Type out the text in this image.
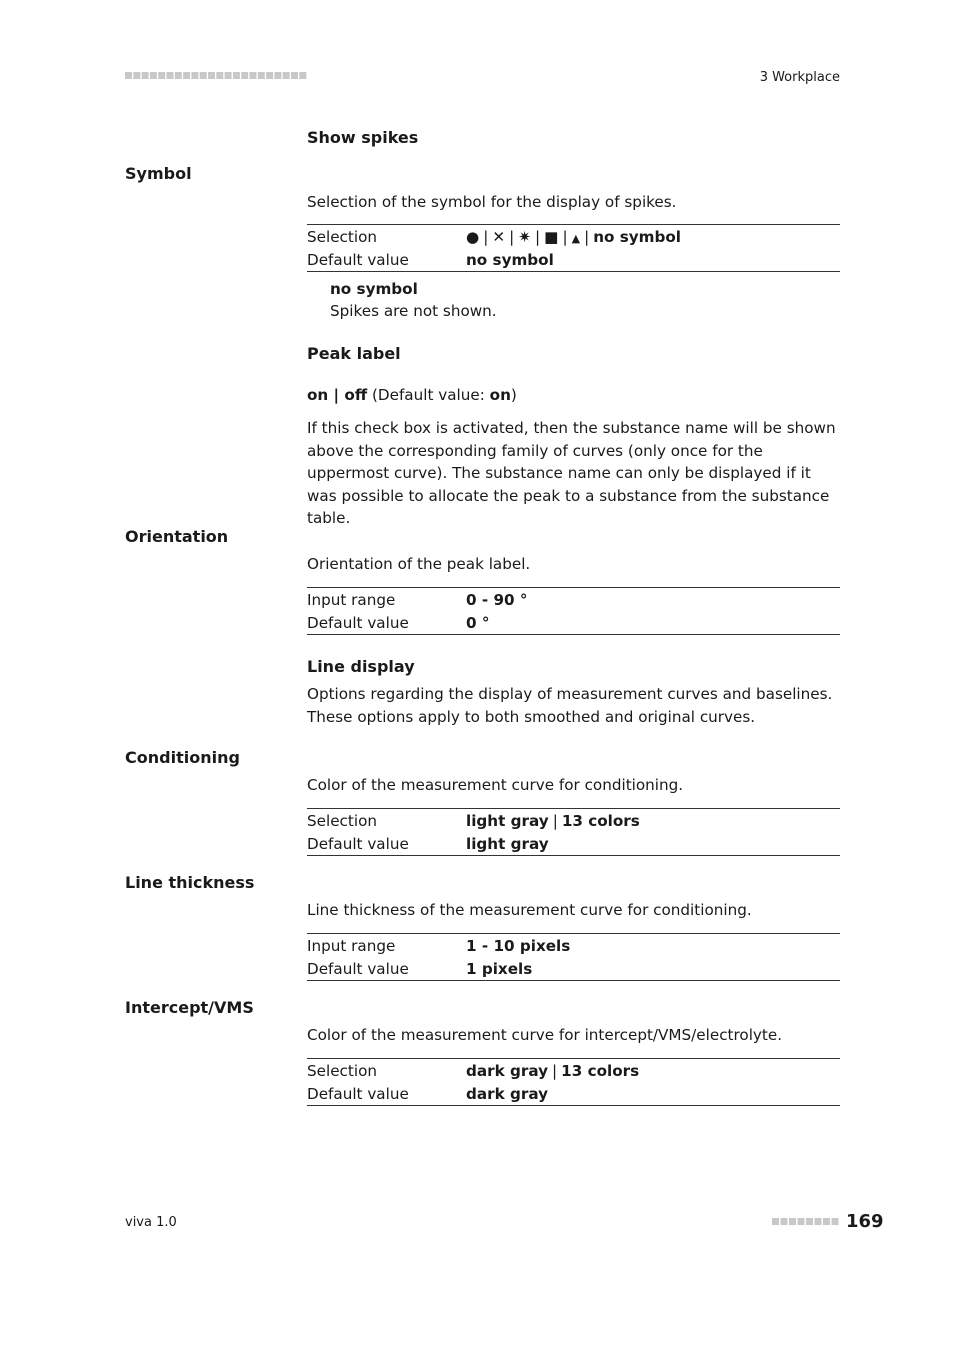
3 Workplace
Show spikes
Symbol
Selection of the symbol for the display of spikes.
Selection	● | ✕ | ✷ | ■ | ▲ | no symbol
Default value	no symbol
no symbol
Spikes are not shown.
Peak label
on | off (Default value: on)
If this check box is activated, then the substance name will be shown above the corresponding family of curves (only once for the uppermost curve). The substance name can only be displayed if it was possible to allocate the peak to a substance from the substance table.
Orientation
Orientation of the peak label.
Input range	0 - 90 °
Default value	0 °
Line display
Options regarding the display of measurement curves and baselines. These options apply to both smoothed and original curves.
Conditioning
Color of the measurement curve for conditioning.
Selection	light gray | 13 colors
Default value	light gray
Line thickness
Line thickness of the measurement curve for conditioning.
Input range	1 - 10 pixels
Default value	1 pixels
Intercept/VMS
Color of the measurement curve for intercept/VMS/electrolyte.
Selection	dark gray | 13 colors
Default value	dark gray
viva 1.0	169
